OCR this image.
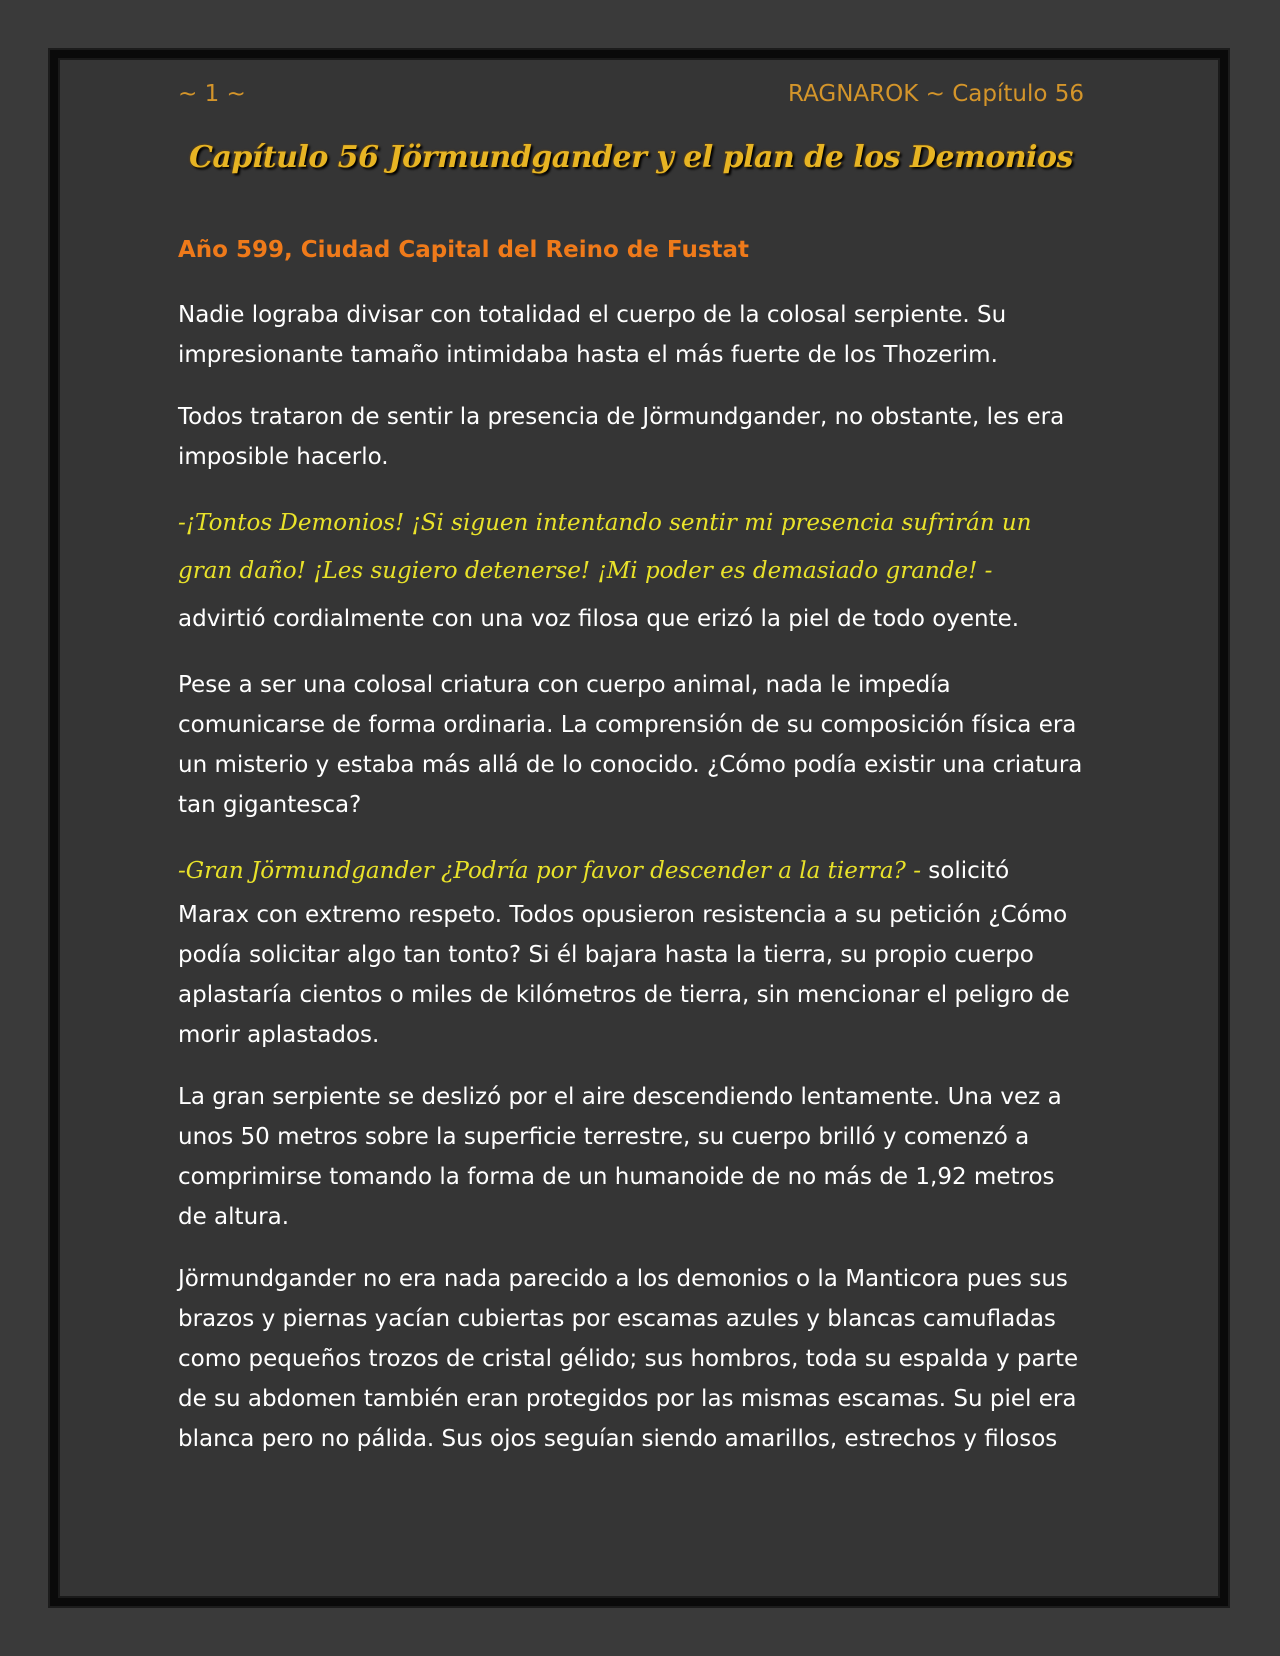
~ 1 ~	RAGNAROK ~ Capítulo 56
Capítulo 56 Jörmundgander y el plan de los Demonios
Año 599, Ciudad Capital del Reino de Fustat

Nadie lograba divisar con totalidad el cuerpo de la colosal serpiente. Su impresionante tamaño intimidaba hasta el más fuerte de los Thozerim.

Todos trataron de sentir la presencia de Jörmundgander, no obstante, les era imposible hacerlo.

-¡Tontos Demonios! ¡Si siguen intentando sentir mi presencia sufrirán un gran daño! ¡Les sugiero detenerse! ¡Mi poder es demasiado grande! - advirtió cordialmente con una voz filosa que erizó la piel de todo oyente.

Pese a ser una colosal criatura con cuerpo animal, nada le impedía comunicarse de forma ordinaria. La comprensión de su composición física era un misterio y estaba más allá de lo conocido. ¿Cómo podía existir una criatura tan gigantesca?

-Gran Jörmundgander ¿Podría por favor descender a la tierra? - solicitó Marax con extremo respeto. Todos opusieron resistencia a su petición ¿Cómo podía solicitar algo tan tonto? Si él bajara hasta la tierra, su propio cuerpo aplastaría cientos o miles de kilómetros de tierra, sin mencionar el peligro de morir aplastados.

La gran serpiente se deslizó por el aire descendiendo lentamente. Una vez a unos 50 metros sobre la superficie terrestre, su cuerpo brilló y comenzó a comprimirse tomando la forma de un humanoide de no más de 1,92 metros de altura.

Jörmundgander no era nada parecido a los demonios o la Manticora pues sus brazos y piernas yacían cubiertas por escamas azules y blancas camufladas como pequeños trozos de cristal gélido; sus hombros, toda su espalda y parte de su abdomen también eran protegidos por las mismas escamas. Su piel era blanca pero no pálida. Sus ojos seguían siendo amarillos, estrechos y filosos
